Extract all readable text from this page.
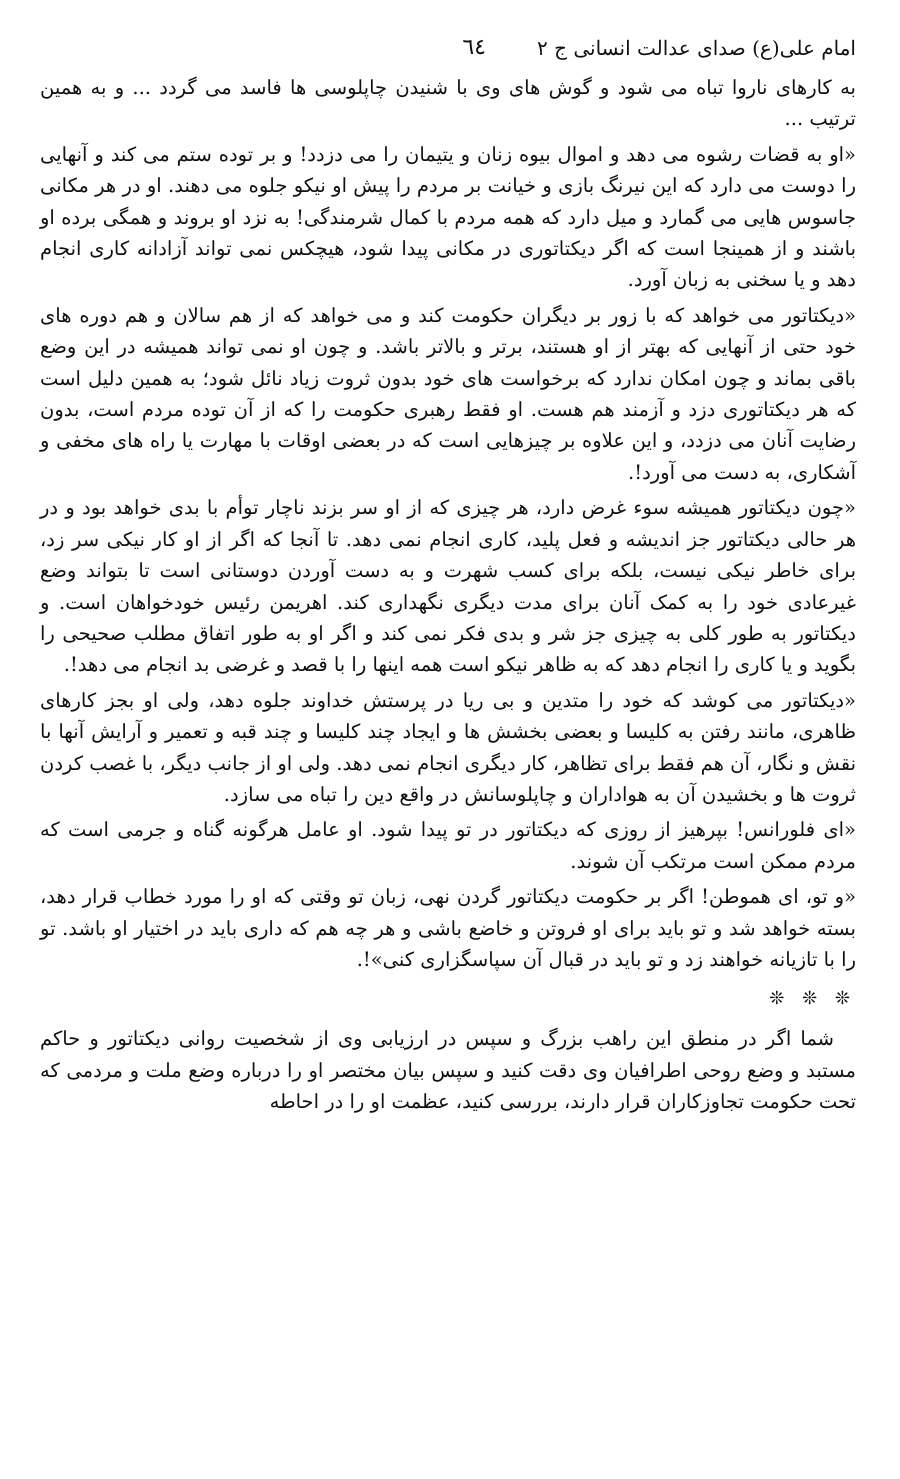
امام علی(ع) صدای عدالت انسانی ج ۲
٦٤

به کارهای ناروا تباه می شود و گوش های وی با شنیدن چاپلوسی ها فاسد می گردد ... و به همین ترتیب ...

«او به قضات رشوه می دهد و اموال بیوه زنان و یتیمان را می دزدد! و بر توده ستم می کند و آنهایی را دوست می دارد که این نیرنگ بازی و خیانت بر مردم را پیش او نیکو جلوه می دهند. او در هر مکانی جاسوس هایی می گمارد و میل دارد که همه مردم با کمال شرمندگی! به نزد او بروند و همگی برده او باشند و از همینجا است که اگر دیکتاتوری در مکانی پیدا شود، هیچکس نمی تواند آزادانه کاری انجام دهد و یا سخنی به زبان آورد.

«دیکتاتور می خواهد که با زور بر دیگران حکومت کند و می خواهد که از هم سالان و هم دوره های خود حتی از آنهایی که بهتر از او هستند، برتر و بالاتر باشد. و چون او نمی تواند همیشه در این وضع باقی بماند و چون امکان ندارد که برخواست های خود بدون ثروت زیاد نائل شود؛ به همین دلیل است که هر دیکتاتوری دزد و آزمند هم هست. او فقط رهبری حکومت را که از آن توده مردم است، بدون رضایت آنان می دزدد، و این علاوه بر چیزهایی است که در بعضی اوقات با مهارت یا راه های مخفی و آشکاری، به دست می آورد!.

«چون دیکتاتور همیشه سوء غرض دارد، هر چیزی که از او سر بزند ناچار توأم با بدی خواهد بود و در هر حالی دیکتاتور جز اندیشه و فعل پلید، کاری انجام نمی دهد. تا آنجا که اگر از او کار نیکی سر زد، برای خاطر نیکی نیست، بلکه برای کسب شهرت و به دست آوردن دوستانی است تا بتواند وضع غیرعادی خود را به کمک آنان برای مدت دیگری نگهداری کند. اهریمن رئیس خودخواهان است. و دیکتاتور به طور کلی به چیزی جز شر و بدی فکر نمی کند و اگر او به طور اتفاق مطلب صحیحی را بگوید و یا کاری را انجام دهد که به ظاهر نیکو است همه اینها را با قصد و غرضی بد انجام می دهد!.

«دیکتاتور می کوشد که خود را متدین و بی ریا در پرستش خداوند جلوه دهد، ولی او بجز کارهای ظاهری، مانند رفتن به کلیسا و بعضی بخشش ها و ایجاد چند کلیسا و چند قبه و تعمیر و آرایش آنها با نقش و نگار، آن هم فقط برای تظاهر، کار دیگری انجام نمی دهد. ولی او از جانب دیگر، با غصب کردن ثروت ها و بخشیدن آن به هواداران و چاپلوسانش در واقع دین را تباه می سازد.

«ای فلورانس! بپرهیز از روزی که دیکتاتور در تو پیدا شود. او عامل هرگونه گناه و جرمی است که مردم ممکن است مرتکب آن شوند.

«و تو، ای هموطن! اگر بر حکومت دیکتاتور گردن نهی، زبان تو وقتی که او را مورد خطاب قرار دهد، بسته خواهد شد و تو باید برای او فروتن و خاضع باشی و هر چه هم که داری باید در اختیار او باشد. تو را با تازیانه خواهند زد و تو باید در قبال آن سپاسگزاری کنی»!.

❊ ❊ ❊

شما اگر در منطق این راهب بزرگ و سپس در ارزیابی وی از شخصیت روانی دیکتاتور و حاکم مستبد و وضع روحی اطرافیان وی دقت کنید و سپس بیان مختصر او را درباره وضع ملت و مردمی که تحت حکومت تجاوزکاران قرار دارند، بررسی کنید، عظمت او را در احاطه
